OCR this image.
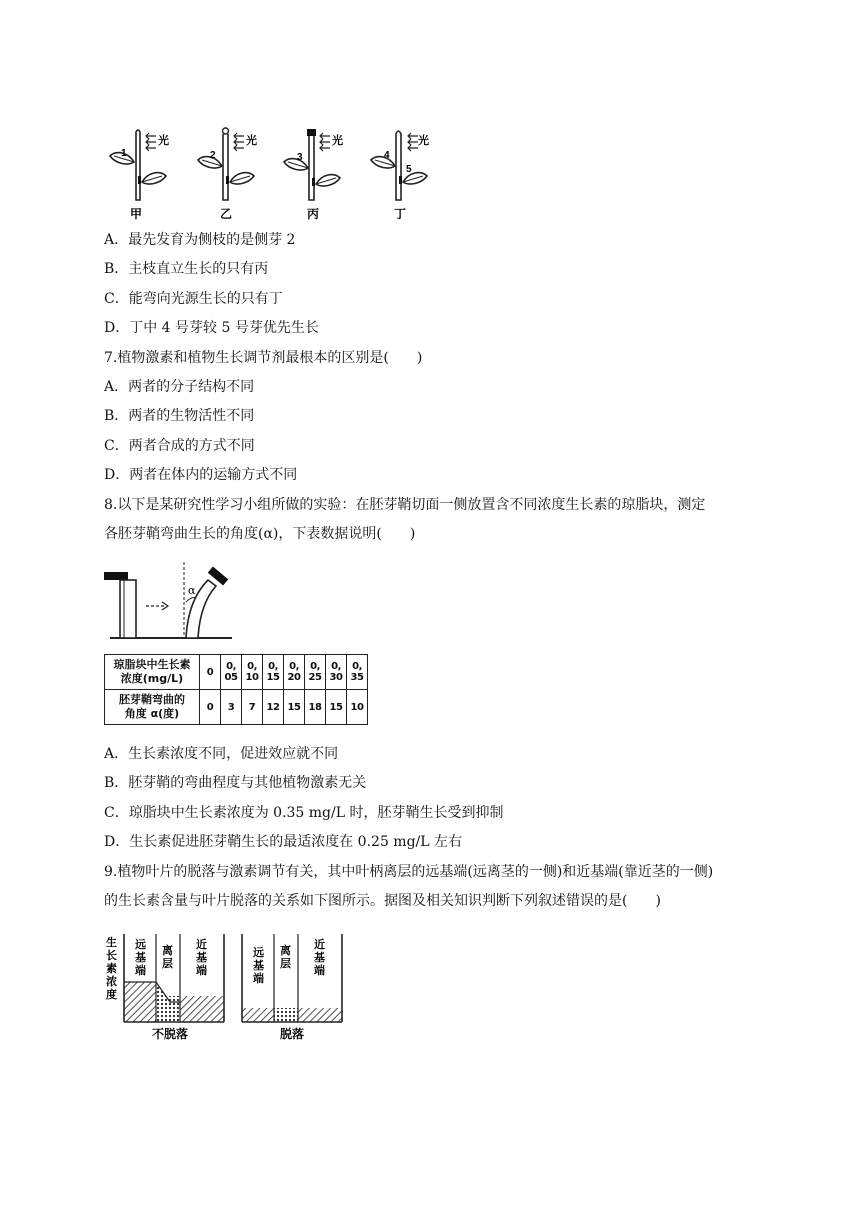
1
光
甲
2
光
乙
3
光
丙
4
5
光
丁
A．最先发育为侧枝的是侧芽 2
B．主枝直立生长的只有丙
C．能弯向光源生长的只有丁
D．丁中 4 号芽较 5 号芽优先生长
7.植物激素和植物生长调节剂最根本的区别是(　　)
A．两者的分子结构不同
B．两者的生物活性不同
C．两者合成的方式不同
D．两者在体内的运输方式不同
8.以下是某研究性学习小组所做的实验：在胚芽鞘切面一侧放置含不同浓度生长素的琼脂块，测定
各胚芽鞘弯曲生长的角度(α)，下表数据说明(　　)
α
琼脂块中生长素
浓度(mg/L)	0	0, 05	0, 10	0, 15	0, 20	0, 25	0, 30	0, 35

胚芽鞘弯曲的
角度 α(度)	0	3	7	12	15	18	15	10
A．生长素浓度不同，促进效应就不同
B．胚芽鞘的弯曲程度与其他植物激素无关
C．琼脂块中生长素浓度为 0.35 mg/L 时，胚芽鞘生长受到抑制
D．生长素促进胚芽鞘生长的最适浓度在 0.25 mg/L 左右
9.植物叶片的脱落与激素调节有关，其中叶柄离层的远基端(远离茎的一侧)和近基端(靠近茎的一侧)
的生长素含量与叶片脱落的关系如下图所示。据图及相关知识判断下列叙述错误的是(　　)
生
长
素
浓
度
远
基
端
离
层
近
基
端
不脱落
远
基
端
离
层
近
基
端
脱落
